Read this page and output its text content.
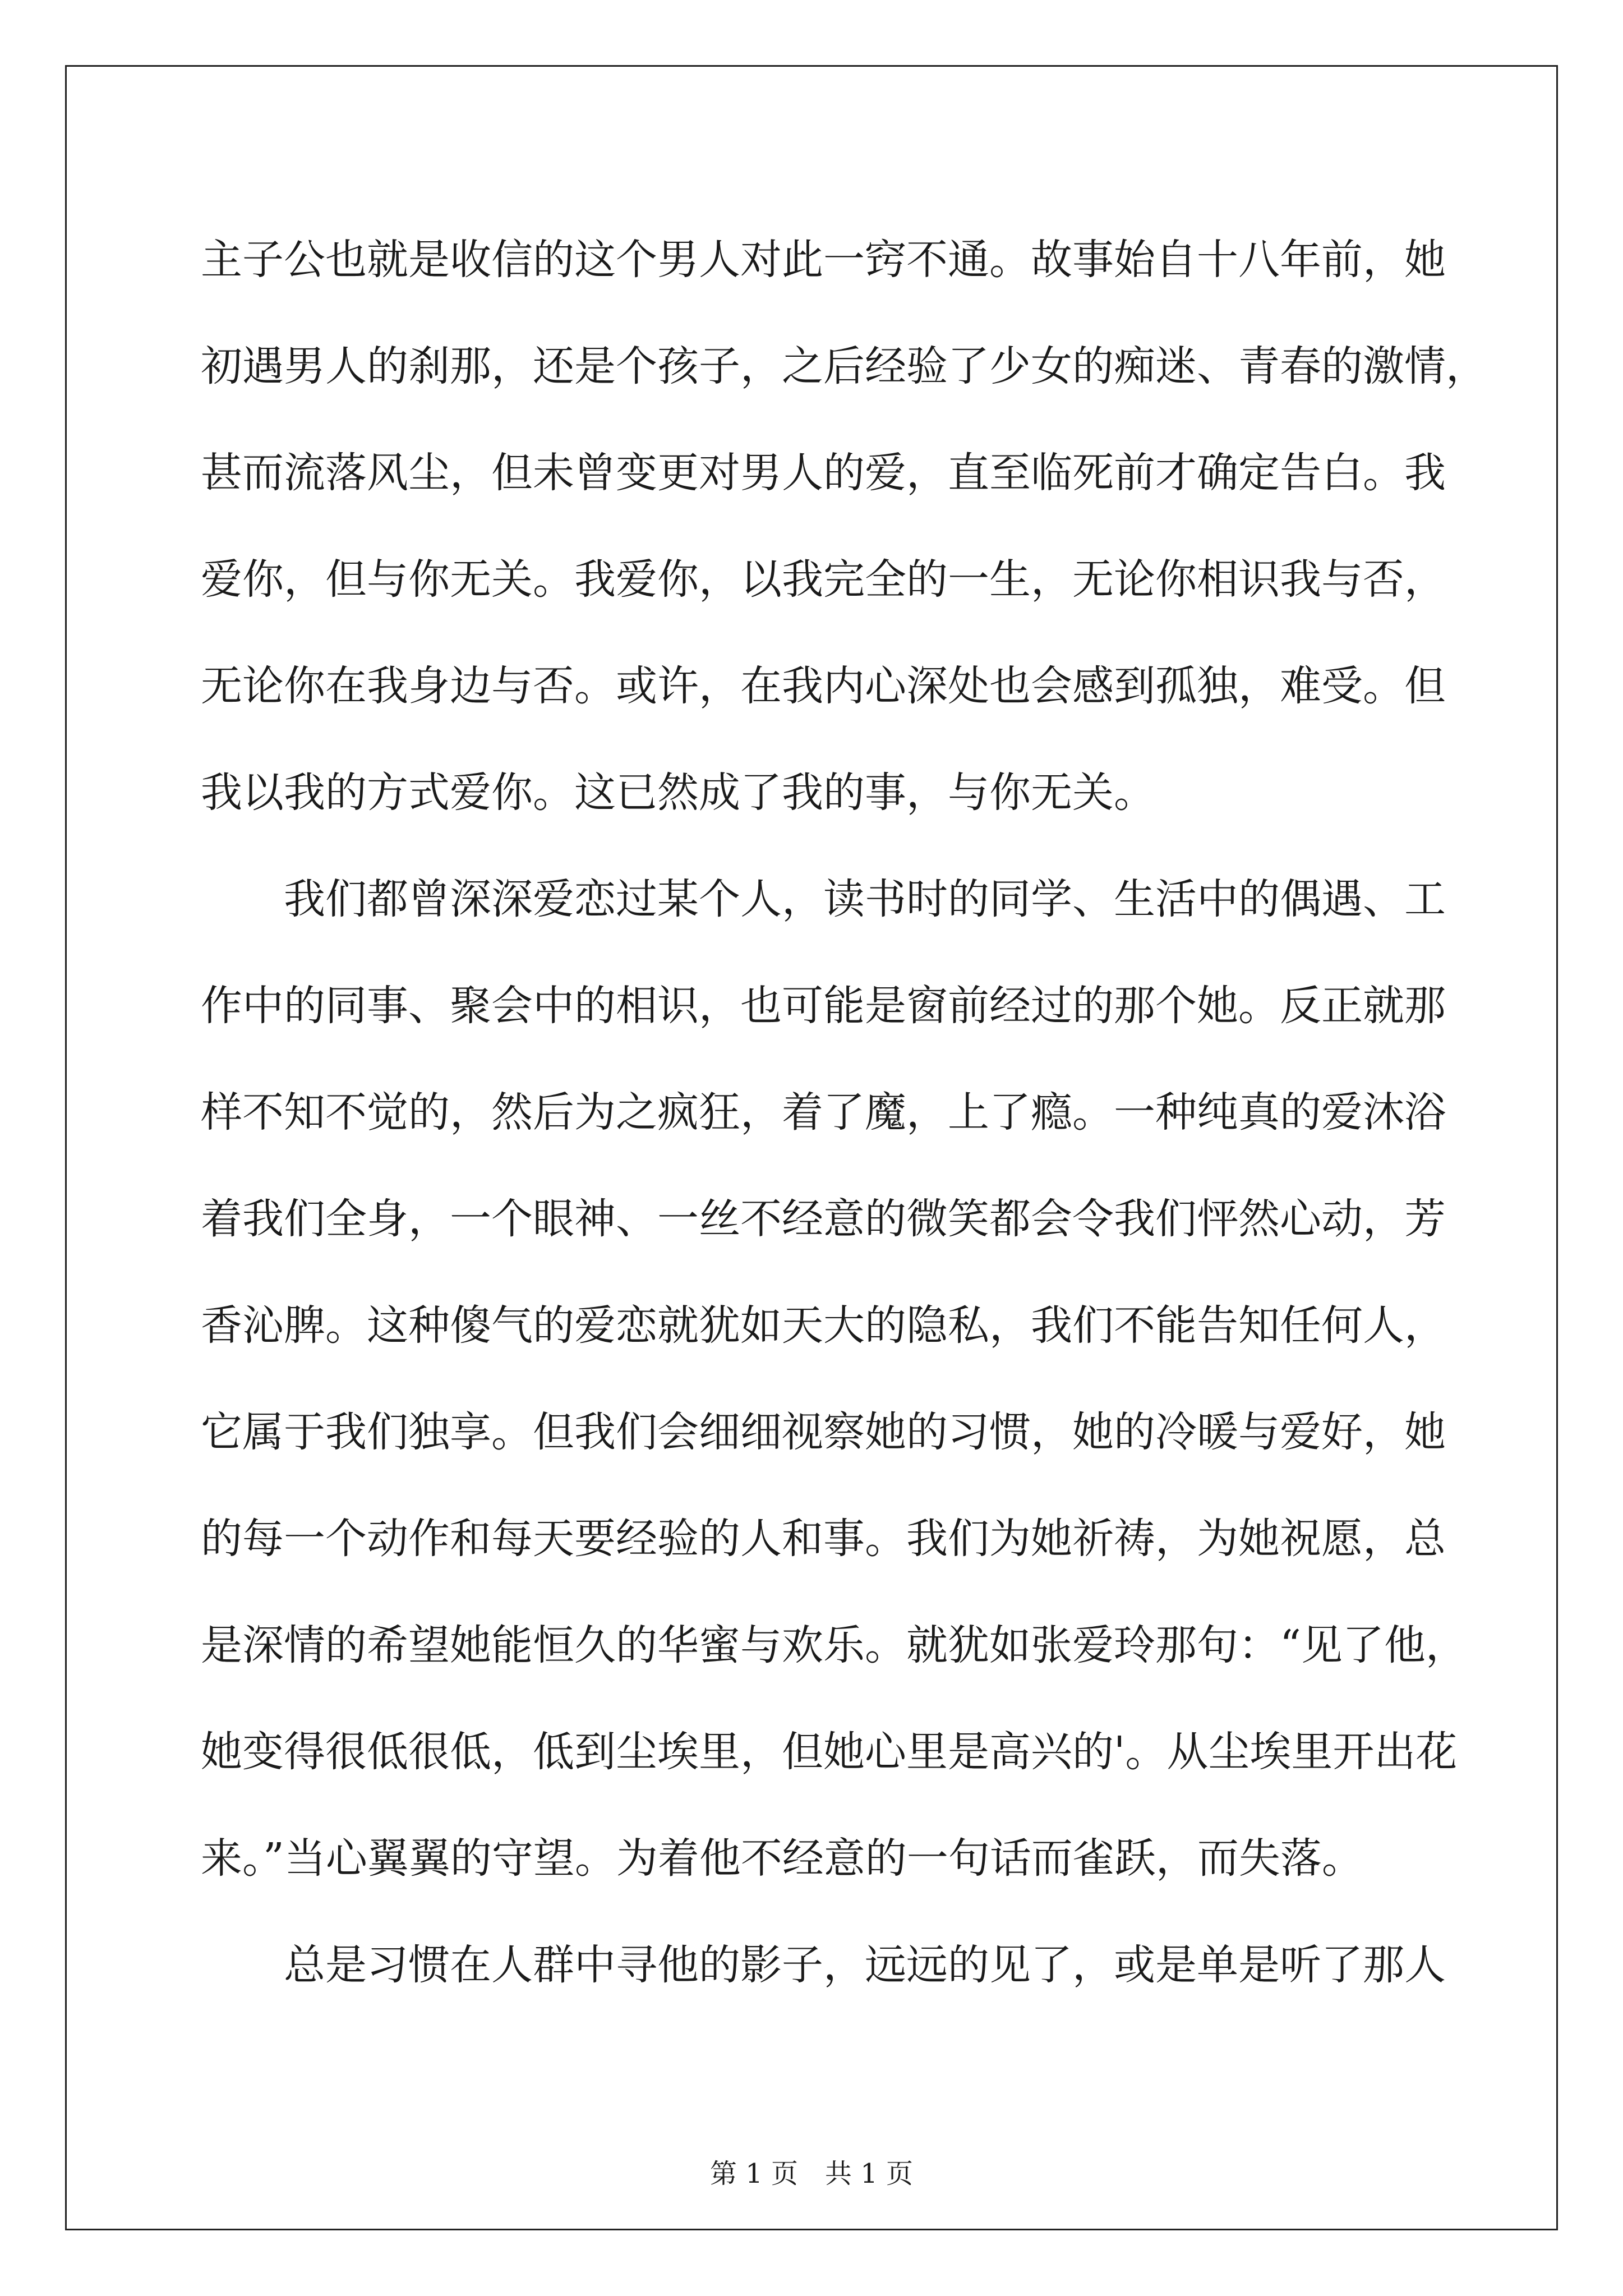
主子公也就是收信的这个男人对此一窍不通。故事始自十八年前，她
初遇男人的刹那，还是个孩子，之后经验了少女的痴迷、青春的激情，
甚而流落风尘，但未曾变更对男人的爱，直至临死前才确定告白。我
爱你，但与你无关。我爱你，以我完全的一生，无论你相识我与否，
无论你在我身边与否。或许，在我内心深处也会感到孤独，难受。但
我以我的方式爱你。这已然成了我的事，与你无关。
　　我们都曾深深爱恋过某个人，读书时的同学、生活中的偶遇、工
作中的同事、聚会中的相识，也可能是窗前经过的那个她。反正就那
样不知不觉的，然后为之疯狂，着了魔，上了瘾。一种纯真的爱沐浴
着我们全身，一个眼神、一丝不经意的微笑都会令我们怦然心动，芳
香沁脾。这种傻气的爱恋就犹如天大的隐私，我们不能告知任何人，
它属于我们独享。但我们会细细视察她的习惯，她的冷暖与爱好，她
的每一个动作和每天要经验的人和事。我们为她祈祷，为她祝愿，总
是深情的希望她能恒久的华蜜与欢乐。就犹如张爱玲那句：“见了他，
她变得很低很低，低到尘埃里，但她心里是高兴的'。从尘埃里开出花
来。”当心翼翼的守望。为着他不经意的一句话而雀跃，而失落。
　　总是习惯在人群中寻他的影子，远远的见了，或是单是听了那人
第 1 页　共 1 页
